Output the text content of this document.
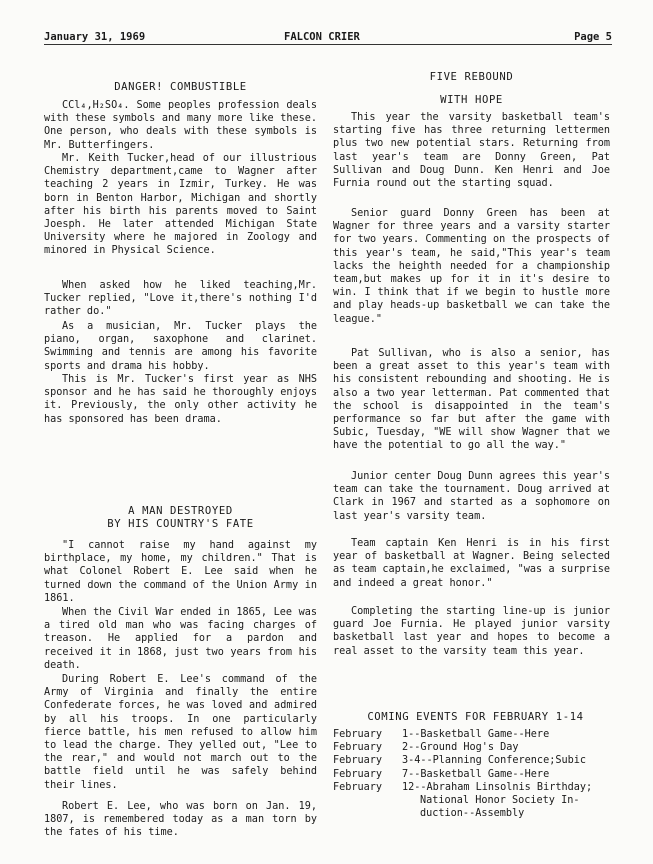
January 31, 1969	FALCON CRIER	Page 5
DANGER! COMBUSTIBLE
CCl₄,H₂SO₄. Some peoples profession deals with these symbols and many more like these. One person, who deals with these symbols is Mr. Butterfingers.
Mr. Keith Tucker,head of our illustrious Chemistry department,came to Wagner after teaching 2 years in Izmir, Turkey. He was born in Benton Harbor, Michigan and shortly after his birth his parents moved to Saint Joesph. He later attended Michigan State University where he majored in Zoology and minored in Physical Science.
When asked how he liked teaching,Mr. Tucker replied, "Love it,there's nothing I'd rather do."
As a musician, Mr. Tucker plays the piano, organ, saxophone and clarinet. Swimming and tennis are among his favorite sports and drama his hobby.
This is Mr. Tucker's first year as NHS sponsor and he has said he thoroughly enjoys it. Previously, the only other activity he has sponsored has been drama.
A MAN DESTROYED
BY HIS COUNTRY'S FATE
"I cannot raise my hand against my birthplace, my home, my children." That is what Colonel Robert E. Lee said when he turned down the command of the Union Army in 1861.
When the Civil War ended in 1865, Lee was a tired old man who was facing charges of treason. He applied for a pardon and received it in 1868, just two years from his death.
During Robert E. Lee's command of the Army of Virginia and finally the entire Confederate forces, he was loved and admired by all his troops. In one particularly fierce battle, his men refused to allow him to lead the charge. They yelled out, "Lee to the rear," and would not march out to the battle field until he was safely behind their lines.
Robert E. Lee, who was born on Jan. 19, 1807, is remembered today as a man torn by the fates of his time.
FIVE REBOUND
WITH HOPE
This year the varsity basketball team's starting five has three returning lettermen plus two new potential stars. Returning from last year's team are Donny Green, Pat Sullivan and Doug Dunn. Ken Henri and Joe Furnia round out the starting squad.
Senior guard Donny Green has been at Wagner for three years and a varsity starter for two years. Commenting on the prospects of this year's team, he said,"This year's team lacks the heighth needed for a championship team,but makes up for it in it's desire to win. I think that if we begin to hustle more and play heads-up basketball we can take the league."
Pat Sullivan, who is also a senior, has been a great asset to this year's team with his consistent rebounding and shooting. He is also a two year letterman. Pat commented that the school is disappointed in the team's performance so far but after the game with Subic, Tuesday, "WE will show Wagner that we have the potential to go all the way."
Junior center Doug Dunn agrees this year's team can take the tournament. Doug arrived at Clark in 1967 and started as a sophomore on last year's varsity team.
Team captain Ken Henri is in his first year of basketball at Wagner. Being selected as team captain,he exclaimed, "was a surprise and indeed a great honor."
Completing the starting line-up is junior guard Joe Furnia. He played junior varsity basketball last year and hopes to become a real asset to the varsity team this year.
COMING EVENTS FOR FEBRUARY 1-14
February 1--Basketball Game--Here
February 2--Ground Hog's Day
February 3-4--Planning Conference;Subic
February 7--Basketball Game--Here
February 12--Abraham Linsolnis Birthday;
National Honor Society In-
duction--Assembly
